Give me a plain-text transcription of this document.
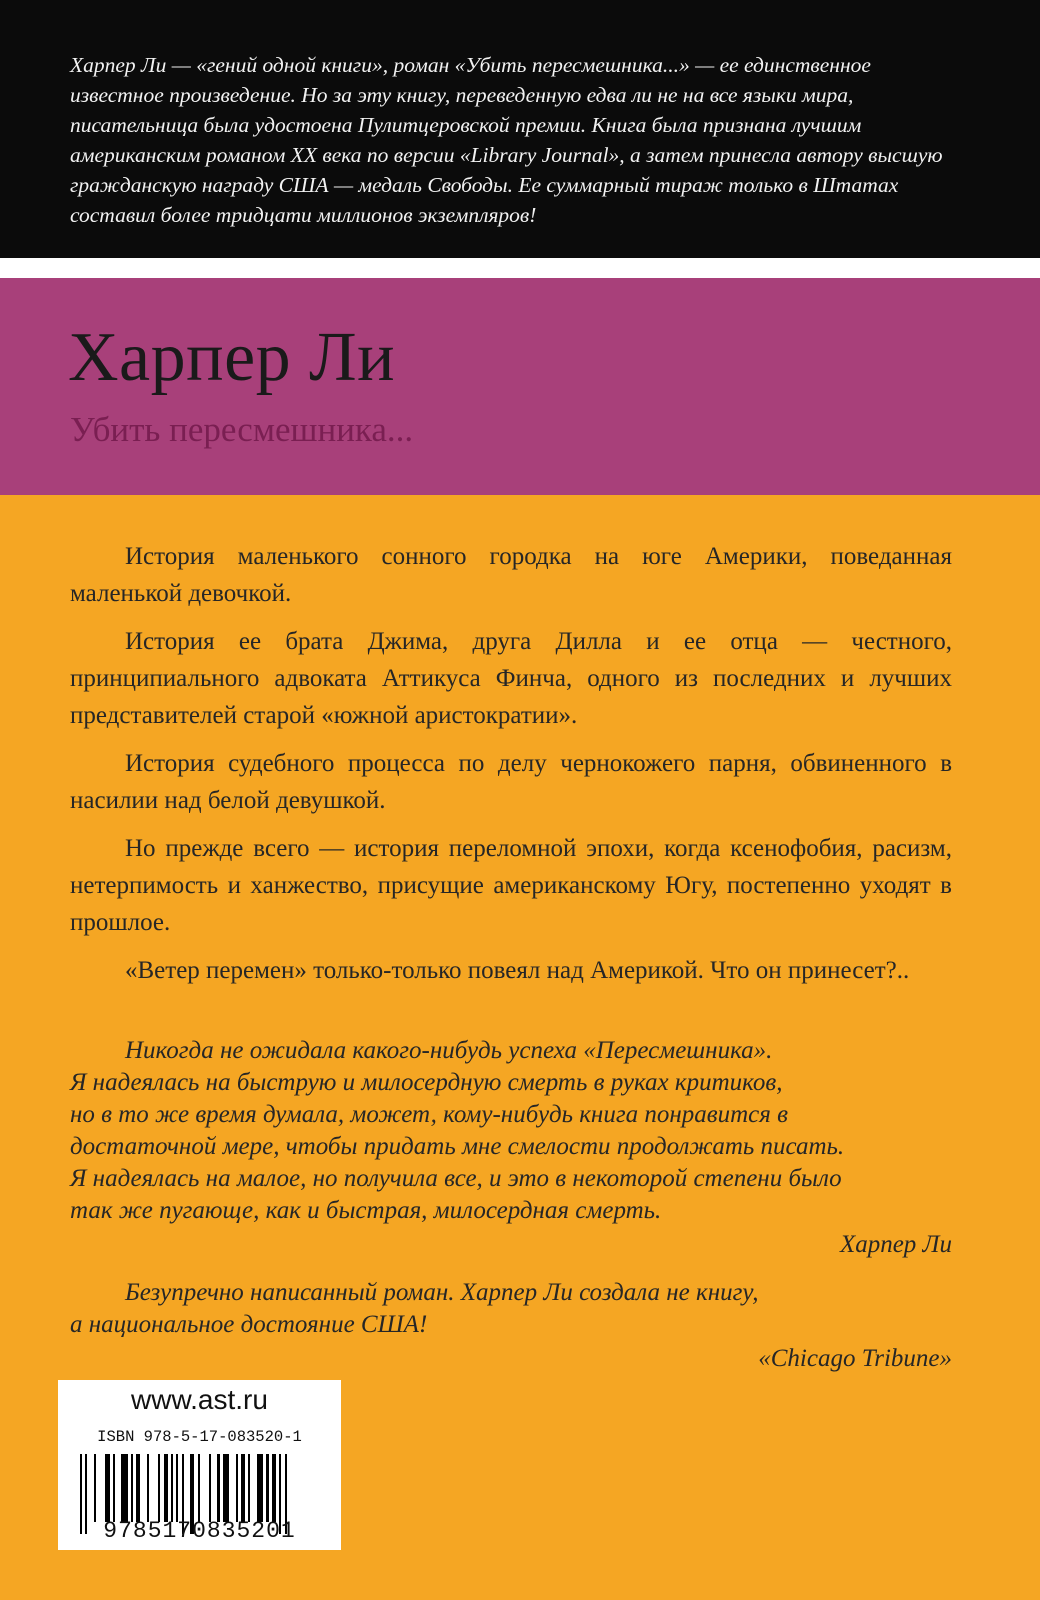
Харпер Ли — «гений одной книги», роман «Убить пересмешника...» — ее единственное известное произведение. Но за эту книгу, переведенную едва ли не на все языки мира, писательница была удостоена Пулитцеровской премии. Книга была признана лучшим американским романом XX века по версии «Library Journal», а затем принесла автору высшую гражданскую награду США — медаль Свободы. Ее суммарный тираж только в Штатах составил более тридцати миллионов экземпляров!

Харпер Ли
Убить пересмешника...

История маленького сонного городка на юге Америки, поведанная маленькой девочкой.

История ее брата Джима, друга Дилла и ее отца — честного, принципиального адвоката Аттикуса Финча, одного из последних и лучших представителей старой «южной аристократии».

История судебного процесса по делу чернокожего парня, обвиненного в насилии над белой девушкой.

Но прежде всего — история переломной эпохи, когда ксенофобия, расизм, нетерпимость и ханжество, присущие американскому Югу, постепенно уходят в прошлое.

«Ветер перемен» только-только повеял над Америкой. Что он принесет?..

Никогда не ожидала какого-нибудь успеха «Пересмешника».

Я надеялась на быструю и милосердную смерть в руках критиков,

но в то же время думала, может, кому-нибудь книга понравится в

достаточной мере, чтобы придать мне смелости продолжать писать.

Я надеялась на малое, но получила все, и это в некоторой степени было

так же пугающе, как и быстрая, милосердная смерть.

Харпер Ли

Безупречно написанный роман. Харпер Ли создала не книгу,

а национальное достояние США!

«Chicago Tribune»

www.ast.ru
ISBN 978-5-17-083520-1
9785170835201
